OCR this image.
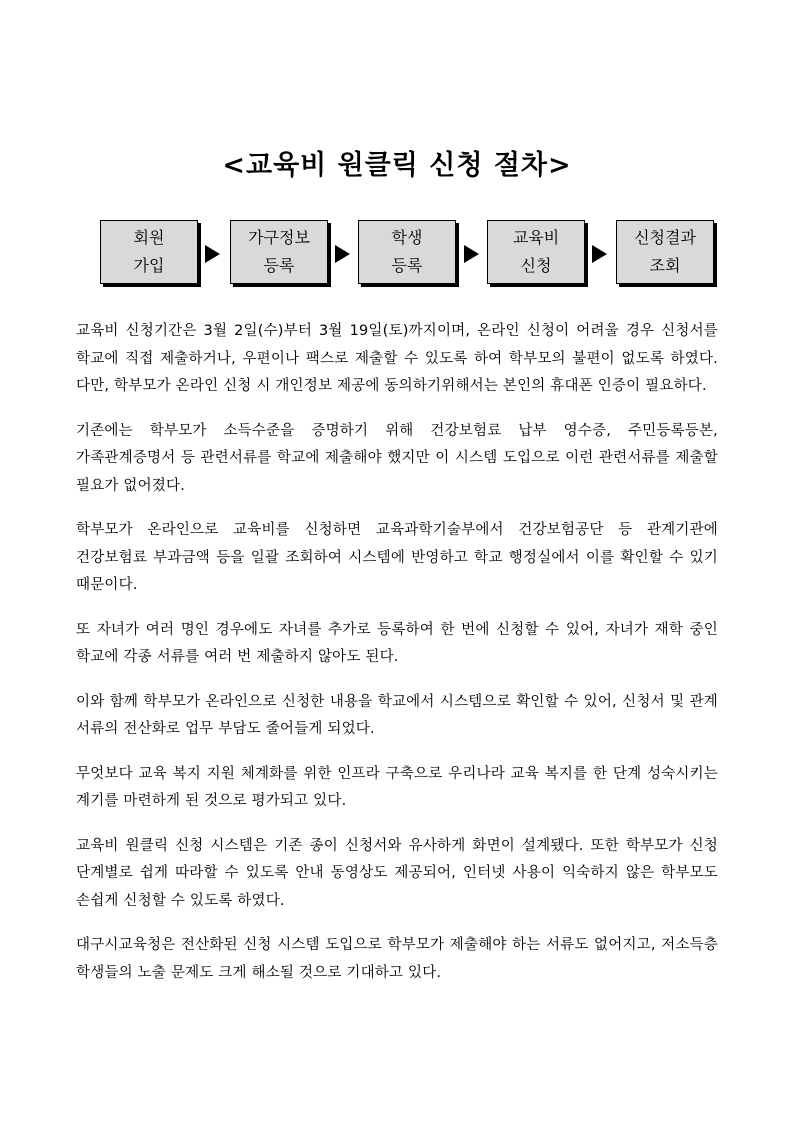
<교육비 원클릭 신청 절차>
회원
가입
가구정보
등록
학생
등록
교육비
신청
신청결과
조회

교육비 신청기간은 3월 2일(수)부터 3월 19일(토)까지이며, 온라인 신청이 어려울 경우 신청서를 학교에 직접 제출하거나, 우편이나 팩스로 제출할 수 있도록 하여 학부모의 불편이 없도록 하였다. 다만, 학부모가 온라인 신청 시 개인정보 제공에 동의하기위해서는 본인의 휴대폰 인증이 필요하다.

기존에는 학부모가 소득수준을 증명하기 위해 건강보험료 납부 영수증, 주민등록등본, 가족관계증명서 등 관련서류를 학교에 제출해야 했지만 이 시스템 도입으로 이런 관련서류를 제출할 필요가 없어졌다.

학부모가 온라인으로 교육비를 신청하면 교육과학기술부에서 건강보험공단 등 관계기관에 건강보험료 부과금액 등을 일괄 조회하여 시스템에 반영하고 학교 행정실에서 이를 확인할 수 있기 때문이다.

또 자녀가 여러 명인 경우에도 자녀를 추가로 등록하여 한 번에 신청할 수 있어, 자녀가 재학 중인 학교에 각종 서류를 여러 번 제출하지 않아도 된다.

이와 함께 학부모가 온라인으로 신청한 내용을 학교에서 시스템으로 확인할 수 있어, 신청서 및 관계 서류의 전산화로 업무 부담도 줄어들게 되었다.

무엇보다 교육 복지 지원 체계화를 위한 인프라 구축으로 우리나라 교육 복지를 한 단계 성숙시키는 계기를 마련하게 된 것으로 평가되고 있다.

교육비 원클릭 신청 시스템은 기존 종이 신청서와 유사하게 화면이 설계됐다. 또한 학부모가 신청 단계별로 쉽게 따라할 수 있도록 안내 동영상도 제공되어, 인터넷 사용이 익숙하지 않은 학부모도 손쉽게 신청할 수 있도록 하였다.

대구시교육청은 전산화된 신청 시스템 도입으로 학부모가 제출해야 하는 서류도 없어지고, 저소득층 학생들의 노출 문제도 크게 해소될 것으로 기대하고 있다.
